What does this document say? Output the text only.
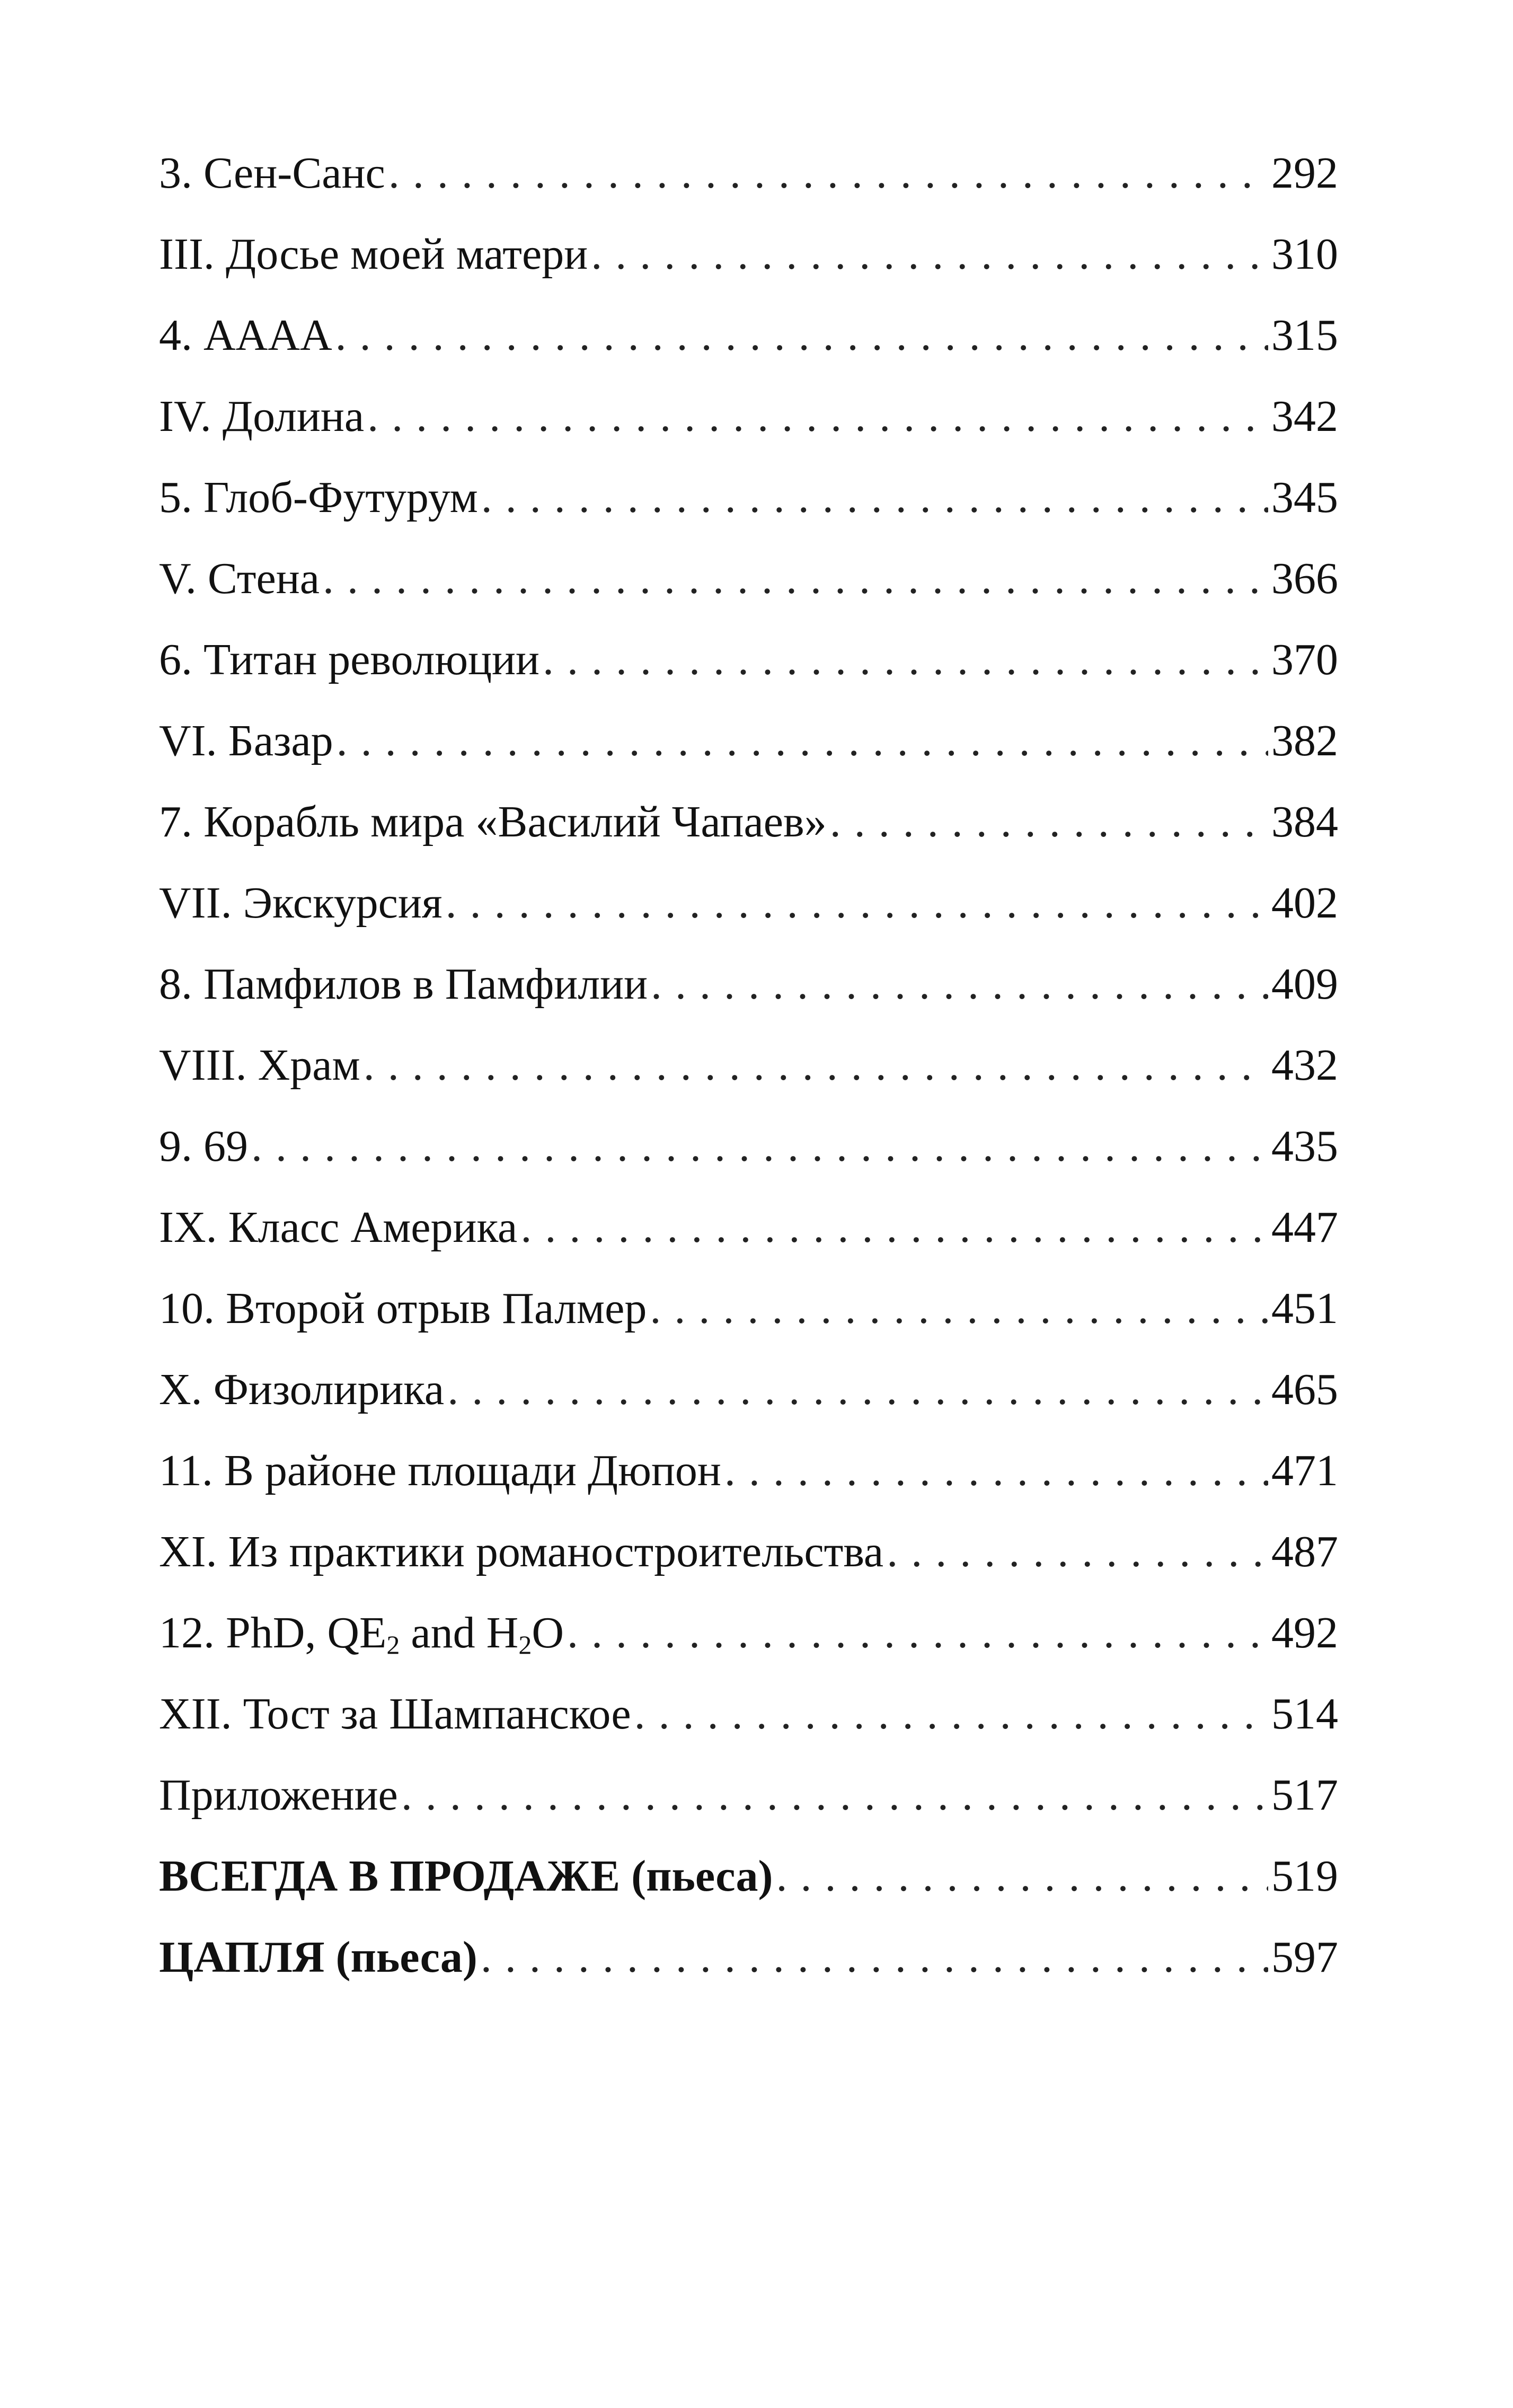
3. Сен-Санс . . .	292
III. Досье моей матери . . .	310
4. АААА . . .	315
IV. Долина . . .	342
5. Глоб-Футурум . . .	345
V. Стена . . .	366
6. Титан революции . . .	370
VI. Базар . . .	382
7. Корабль мира «Василий Чапаев» . . .	384
VII. Экскурсия . . .	402
8. Памфилов в Памфилии . . .	409
VIII. Храм . . .	432
9. 69 . . .	435
IX. Класс Америка . . .	447
10. Второй отрыв Палмер . . .	451
X. Физолирика . . .	465
11. В районе площади Дюпон . . .	471
XI. Из практики романостроительства . . .	487
12. PhD, $QE_2$ and $H_2O$ . . .	492
XII. Тост за Шампанское . . .	514
Приложение . . .	517
ВСЕГДА В ПРОДАЖЕ (пьеса) . . .	519
ЦАПЛЯ (пьеса) . . .	597
